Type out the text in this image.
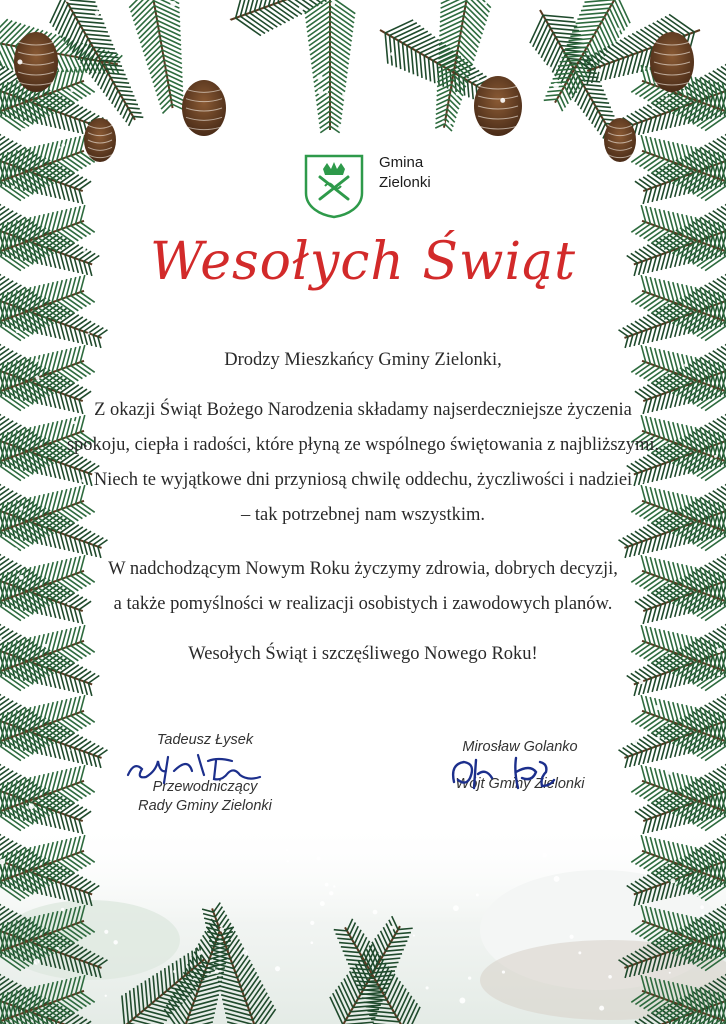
Gmina
Zielonki
Wesołych Świąt
Drodzy Mieszkańcy Gminy Zielonki,
Z okazji Świąt Bożego Narodzenia składamy najserdeczniejsze życzenia
spokoju, ciepła i radości, które płyną ze wspólnego świętowania z najbliższymi.
Niech te wyjątkowe dni przyniosą chwilę oddechu, życzliwości i nadziei
– tak potrzebnej nam wszystkim.
W nadchodzącym Nowym Roku życzymy zdrowia, dobrych decyzji,
a także pomyślności w realizacji osobistych i zawodowych planów.
Wesołych Świąt i szczęśliwego Nowego Roku!
Tadeusz Łysek
Przewodniczący
Rady Gminy Zielonki
Mirosław Golanko
Wójt Gminy Zielonki
